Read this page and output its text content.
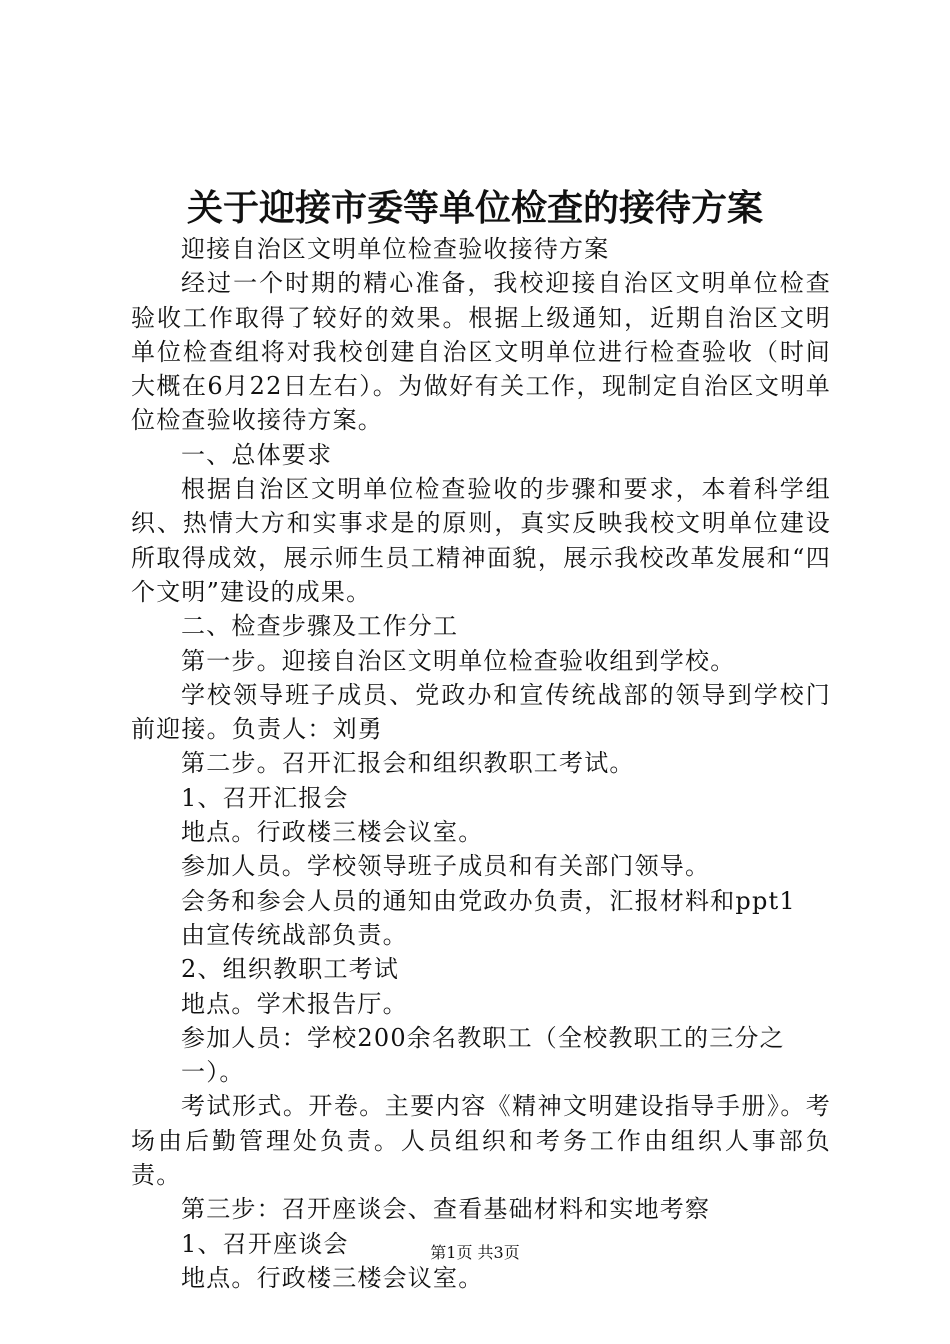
关于迎接市委等单位检查的接待方案

迎接自治区文明单位检查验收接待方案

经过一个时期的精心准备，我校迎接自治区文明单位检查验收工作取得了较好的效果。根据上级通知，近期自治区文明单位检查组将对我校创建自治区文明单位进行检查验收（时间大概在6月22日左右）。为做好有关工作，现制定自治区文明单位检查验收接待方案。

一、总体要求

根据自治区文明单位检查验收的步骤和要求，本着科学组织、热情大方和实事求是的原则，真实反映我校文明单位建设所取得成效，展示师生员工精神面貌，展示我校改革发展和“四个文明”建设的成果。

二、检查步骤及工作分工

第一步。迎接自治区文明单位检查验收组到学校。

学校领导班子成员、党政办和宣传统战部的领导到学校门前迎接。负责人：刘勇

第二步。召开汇报会和组织教职工考试。

1、召开汇报会

地点。行政楼三楼会议室。

参加人员。学校领导班子成员和有关部门领导。

会务和参会人员的通知由党政办负责，汇报材料和ppt1

由宣传统战部负责。

2、组织教职工考试

地点。学术报告厅。

参加人员：学校200余名教职工（全校教职工的三分之

一）。

考试形式。开卷。主要内容《精神文明建设指导手册》。考场由后勤管理处负责。人员组织和考务工作由组织人事部负责。

第三步：召开座谈会、查看基础材料和实地考察

1、召开座谈会

地点。行政楼三楼会议室。

第1页 共3页
